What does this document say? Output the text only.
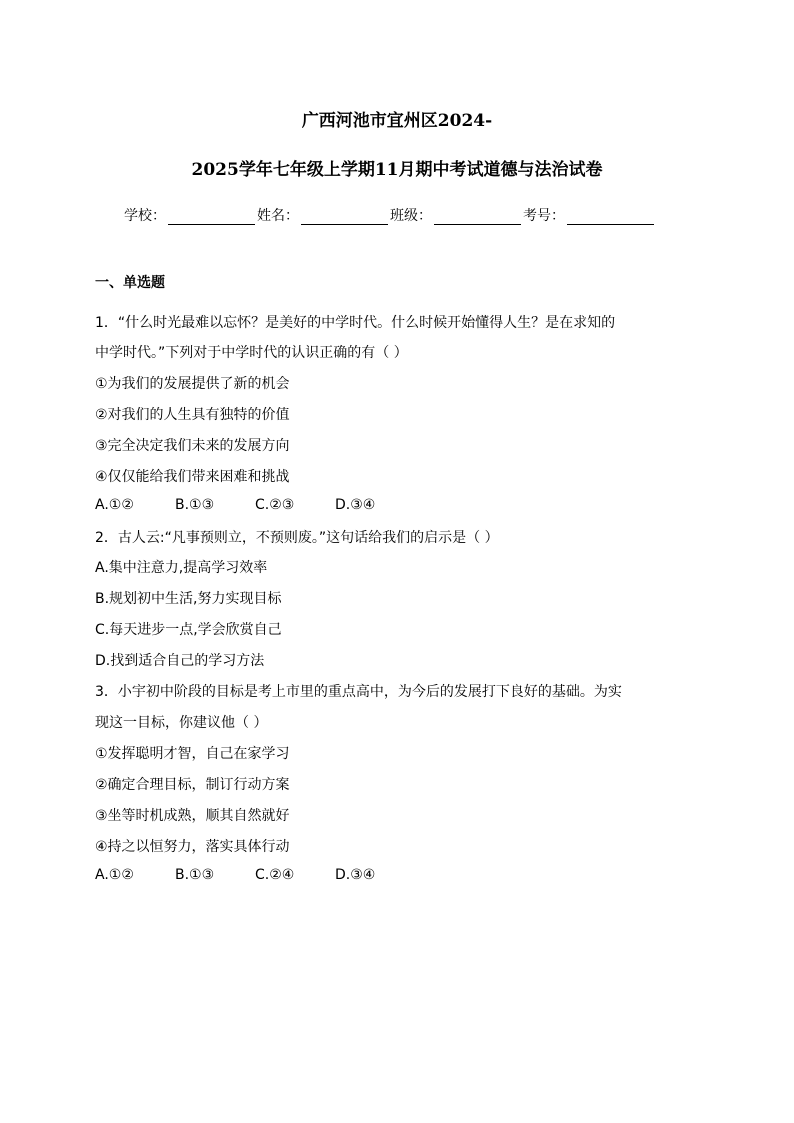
广西河池市宜州区2024-
2025学年七年级上学期11月期中考试道德与法治试卷
学校：	姓名：	班级：	考号：
一、单选题
1．“什么时光最难以忘怀？是美好的中学时代。什么时候开始懂得人生？是在求知的
中学时代。”下列对于中学时代的认识正确的有（ ）
①为我们的发展提供了新的机会
②对我们的人生具有独特的价值
③完全决定我们未来的发展方向
④仅仅能给我们带来困难和挑战
A.①②	B.①③	C.②③	D.③④
2．古人云:“凡事预则立，不预则废。”这句话给我们的启示是（ ）
A.集中注意力,提高学习效率
B.规划初中生活,努力实现目标
C.每天进步一点,学会欣赏自己
D.找到适合自己的学习方法
3．小宇初中阶段的目标是考上市里的重点高中，为今后的发展打下良好的基础。为实
现这一目标，你建议他（ ）
①发挥聪明才智，自己在家学习
②确定合理目标，制订行动方案
③坐等时机成熟，顺其自然就好
④持之以恒努力，落实具体行动
A.①②	B.①③	C.②④	D.③④
